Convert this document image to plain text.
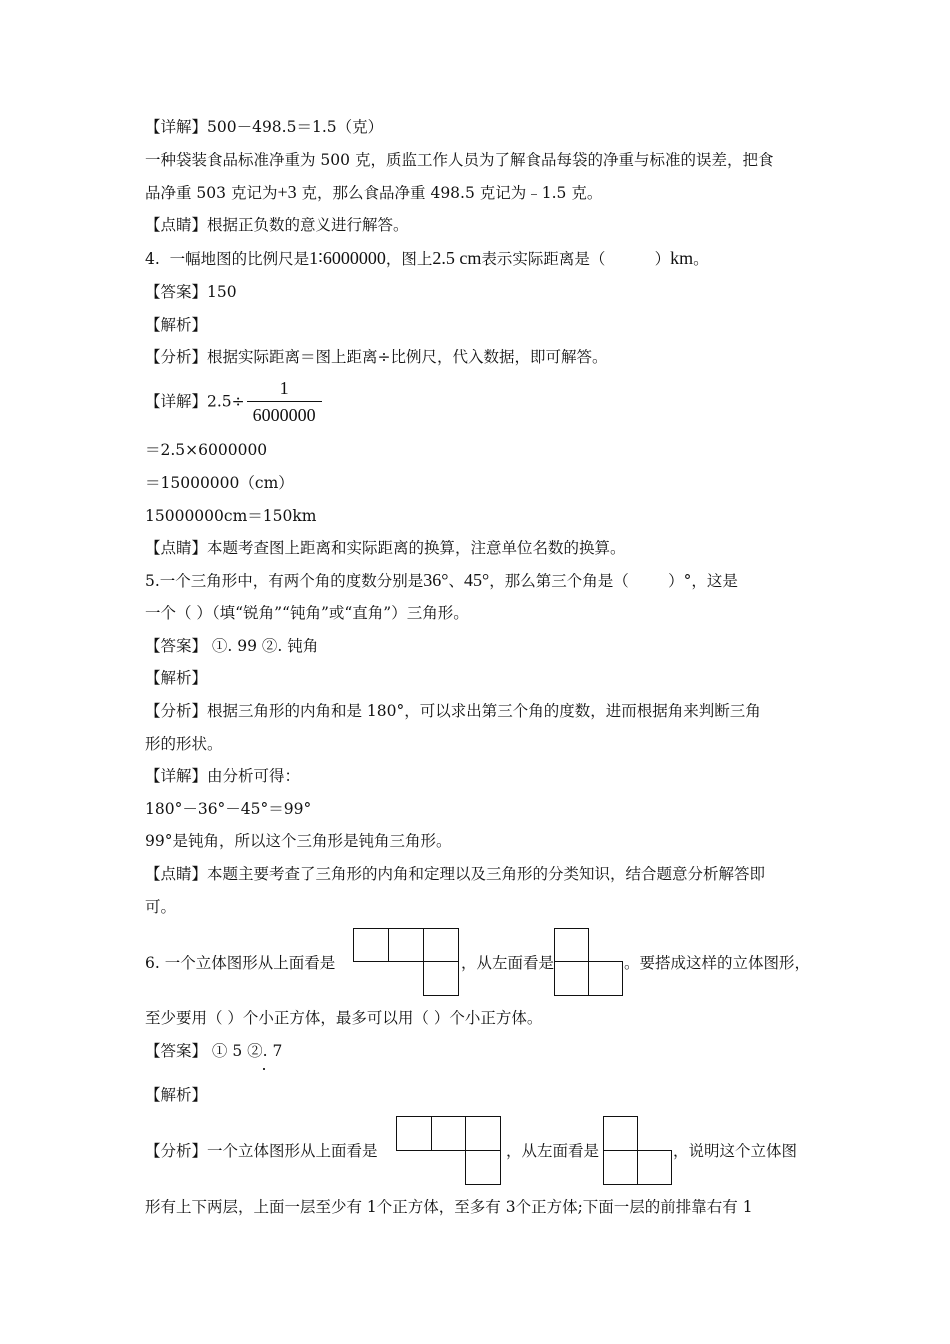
【详解】500－498.5＝1.5（克）
一种袋装食品标准净重为 500 克，质监工作人员为了解食品每袋的净重与标准的误差，把食
品净重 503 克记为+3 克，那么食品净重 498.5 克记为﹣1.5 克。
【点睛】根据正负数的意义进行解答。
4.  一幅地图的比例尺是1∶6000000，图上2.5 cm表示实际距离是（          ）km。
【答案】150
【解析】
【分析】根据实际距离＝图上距离÷比例尺，代入数据，即可解答。
【详解】$2.5\div \frac{1}{6000000}$
＝2.5×6000000
＝15000000（cm）
15000000cm＝150km
【点睛】本题考查图上距离和实际距离的换算，注意单位名数的换算。
5.一个三角形中，有两个角的度数分别是36°、45°，那么第三个角是（        ）°，这是
一个（ ）（填“锐角”“钝角”或“直角”）三角形。
【答案】 ①. 99 ②. 钝角
【解析】
【分析】根据三角形的内角和是 180°，可以求出第三个角的度数，进而根据角来判断三角
形的形状。
【详解】由分析可得：
180°－36°－45°＝99°
99°是钝角，所以这个三角形是钝角三角形。
【点睛】本题主要考查了三角形的内角和定理以及三角形的分类知识，结合题意分析解答即
可。
6. 一个立体图形从上面看是	，从左面看是	。要搭成这样的立体图形，
至少要用（ ）个小正方体，最多可以用（ ）个小正方体。
【答案】 ① 5 ②. 7
【解析】
【分析】一个立体图形从上面看是	，从左面看是	，说明这个立体图
形有上下两层，上面一层至少有 1个正方体，至多有 3个正方体;下面一层的前排靠右有 1
